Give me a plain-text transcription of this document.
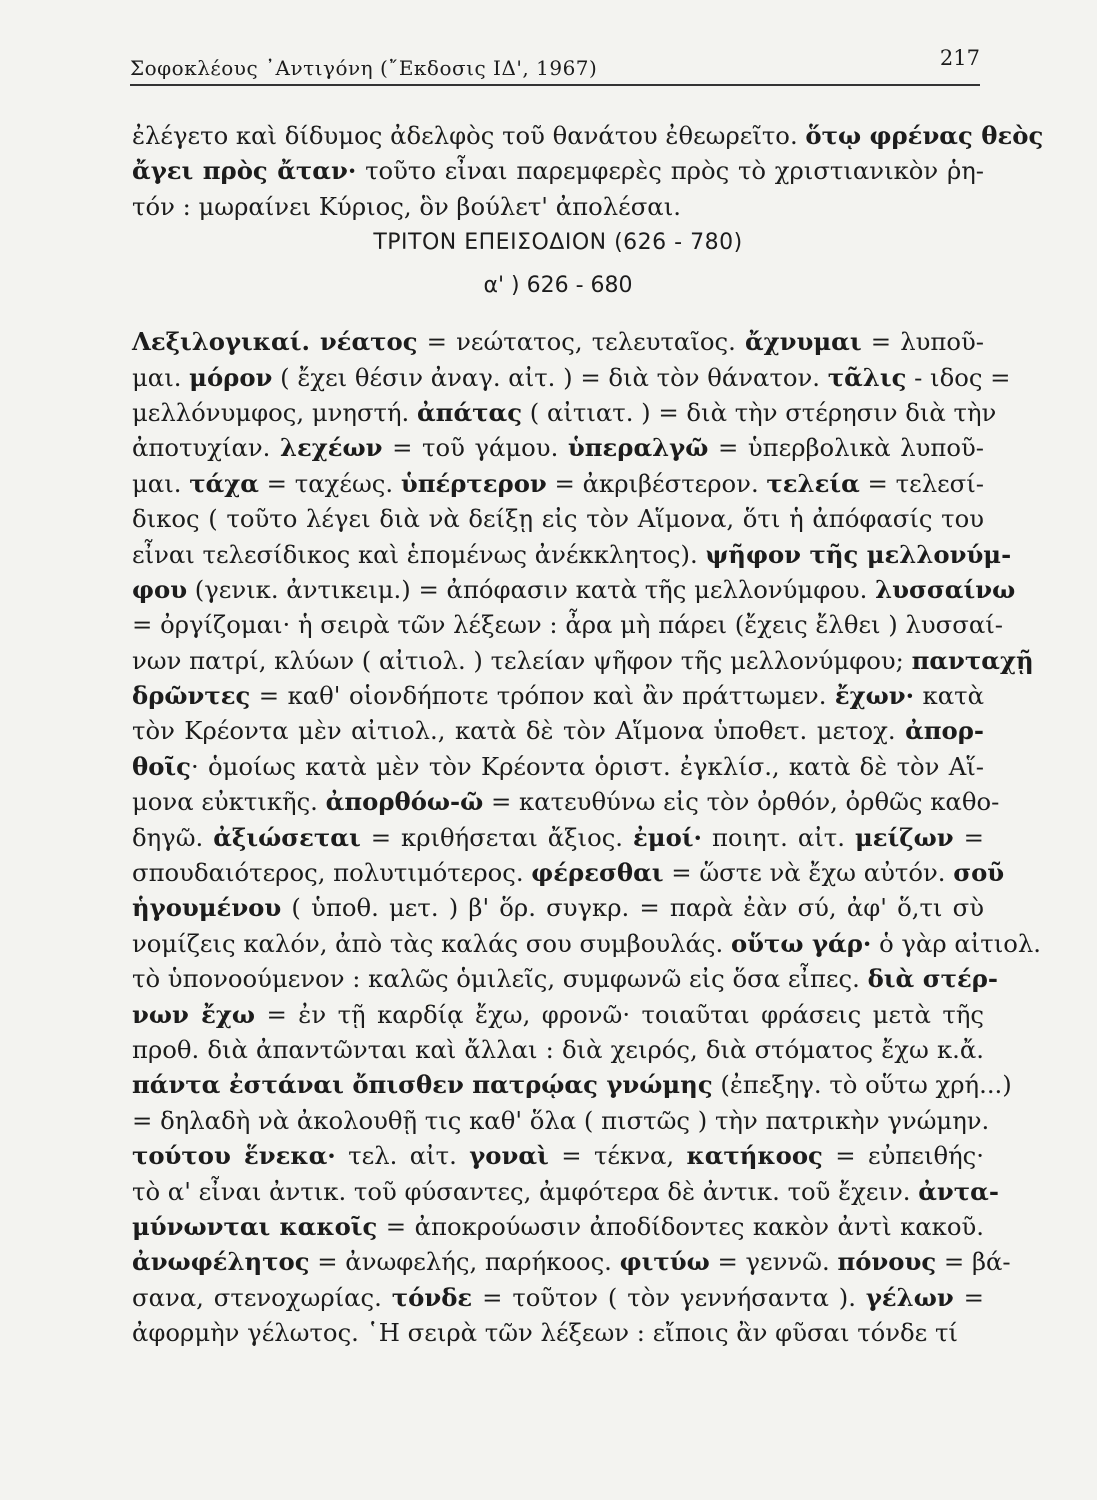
Σοφοκλέους ᾿Αντιγόνη (῎Εκδοσις ΙΔ', 1967)	217
ἐλέγετο καὶ δίδυμος ἀδελφὸς τοῦ θανάτου ἐθεωρεῖτο. ὅτῳ φρένας θεὸς
ἄγει πρὸς ἄταν· τοῦτο εἶναι παρεμφερὲς πρὸς τὸ χριστιανικὸν ῥη-
τόν : μωραίνει Κύριος, ὃν βούλετ' ἀπολέσαι.
ΤΡΙΤΟΝ ΕΠΕΙΣΟΔΙΟΝ (626 - 780)
α' ) 626 - 680
Λεξιλογικαί. νέατος = νεώτατος, τελευταῖος. ἄχνυμαι = λυποῦ-
μαι. μόρον ( ἔχει θέσιν ἀναγ. αἰτ. ) = διὰ τὸν θάνατον. τᾶλις - ιδος =
μελλόνυμφος, μνηστή. ἀπάτας ( αἰτιατ. ) = διὰ τὴν στέρησιν διὰ τὴν
ἀποτυχίαν. λεχέων = τοῦ γάμου. ὑπεραλγῶ = ὑπερβολικὰ λυποῦ-
μαι. τάχα = ταχέως. ὑπέρτερον = ἀκριβέστερον. τελεία = τελεσί-
δικος ( τοῦτο λέγει διὰ νὰ δείξῃ εἰς τὸν Αἵμονα, ὅτι ἡ ἀπόφασίς του
εἶναι τελεσίδικος καὶ ἑπομένως ἀνέκκλητος). ψῆφον τῆς μελλονύμ-
φου (γενικ. ἀντικειμ.) = ἀπόφασιν κατὰ τῆς μελλονύμφου. λυσσαίνω
= ὀργίζομαι· ἡ σειρὰ τῶν λέξεων : ἆρα μὴ πάρει (ἔχεις ἔλθει ) λυσσαί-
νων πατρί, κλύων ( αἰτιολ. ) τελείαν ψῆφον τῆς μελλονύμφου; πανταχῇ
δρῶντες = καθ' οἱονδήποτε τρόπον καὶ ἂν πράττωμεν. ἔχων· κατὰ
τὸν Κρέοντα μὲν αἰτιολ., κατὰ δὲ τὸν Αἵμονα ὑποθετ. μετοχ. ἀπορ-
θοῖς· ὁμοίως κατὰ μὲν τὸν Κρέοντα ὁριστ. ἐγκλίσ., κατὰ δὲ τὸν Αἵ-
μονα εὐκτικῆς. ἀπορθόω-ῶ = κατευθύνω εἰς τὸν ὀρθόν, ὀρθῶς καθο-
δηγῶ. ἀξιώσεται = κριθήσεται ἄξιος. ἐμοί· ποιητ. αἰτ. μείζων =
σπουδαιότερος, πολυτιμότερος. φέρεσθαι = ὥστε νὰ ἔχω αὐτόν. σοῦ
ἡγουμένου ( ὑποθ. μετ. ) β' ὅρ. συγκρ. = παρὰ ἐὰν σύ, ἀφ' ὅ,τι σὺ
νομίζεις καλόν, ἀπὸ τὰς καλάς σου συμβουλάς. οὕτω γάρ· ὁ γὰρ αἰτιολ.
τὸ ὑπονοούμενον : καλῶς ὁμιλεῖς, συμφωνῶ εἰς ὅσα εἶπες. διὰ στέρ-
νων ἔχω = ἐν τῇ καρδίᾳ ἔχω, φρονῶ· τοιαῦται φράσεις μετὰ τῆς
προθ. διὰ ἀπαντῶνται καὶ ἄλλαι : διὰ χειρός, διὰ στόματος ἔχω κ.ἄ.
πάντα ἐστάναι ὄπισθεν πατρῴας γνώμης (ἐπεξηγ. τὸ οὕτω χρή...)
= δηλαδὴ νὰ ἀκολουθῇ τις καθ' ὅλα ( πιστῶς ) τὴν πατρικὴν γνώμην.
τούτου ἕνεκα· τελ. αἰτ. γοναὶ = τέκνα, κατήκοος = εὐπειθής·
τὸ α' εἶναι ἀντικ. τοῦ φύσαντες, ἀμφότερα δὲ ἀντικ. τοῦ ἔχειν. ἀντα-
μύνωνται κακοῖς = ἀποκρούωσιν ἀποδίδοντες κακὸν ἀντὶ κακοῦ.
ἀνωφέλητος = ἀνωφελής, παρήκοος. φιτύω = γεννῶ. πόνους = βά-
σανα, στενοχωρίας. τόνδε = τοῦτον ( τὸν γεννήσαντα ). γέλων =
ἀφορμὴν γέλωτος. ῾Η σειρὰ τῶν λέξεων : εἴποις ἂν φῦσαι τόνδε τί
